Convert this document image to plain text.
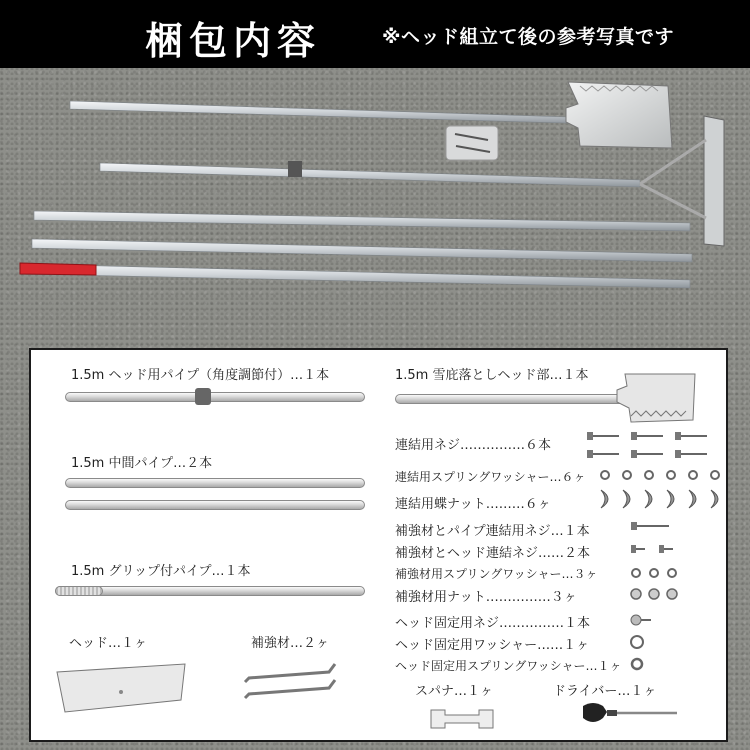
梱包内容	※ヘッド組立て後の参考写真です
1.5m ヘッド用パイプ（角度調節付）…１本
1.5m 中間パイプ…２本
1.5m グリップ付パイプ…１本
ヘッド…１ヶ	補強材…２ヶ
1.5m 雪庇落としヘッド部…１本
連結用ネジ……………６本
連結用スプリングワッシャー…６ヶ
連結用蝶ナット………６ヶ
補強材とパイプ連結用ネジ…１本
補強材とヘッド連結ネジ……２本
補強材用スプリングワッシャー…３ヶ
補強材用ナット……………３ヶ
ヘッド固定用ネジ……………１本
ヘッド固定用ワッシャー……１ヶ
ヘッド固定用スプリングワッシャー…１ヶ
スパナ…１ヶ	ドライバー…１ヶ
